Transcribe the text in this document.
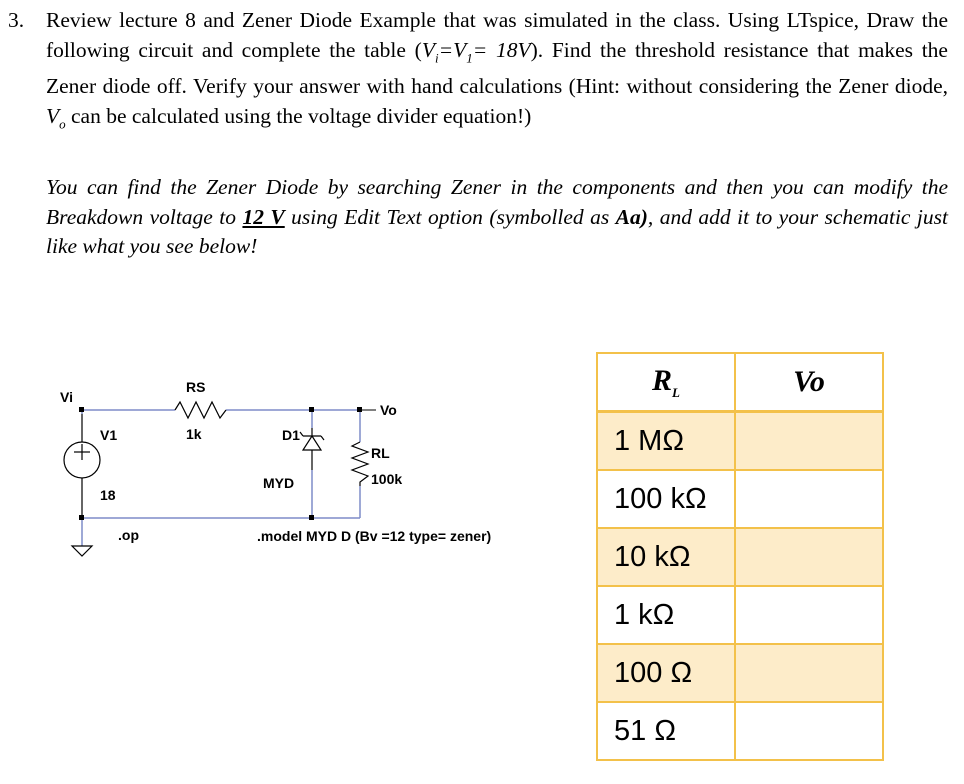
3. Review lecture 8 and Zener Diode Example that was simulated in the class. Using LTspice, Draw the following circuit and complete the table $(V_i=V_1= 18V)$. Find the threshold resistance that makes the Zener diode off. Verify your answer with hand calculations (Hint: without considering the Zener diode, $V_o$ can be calculated using the voltage divider equation!)
You can find the Zener Diode by searching Zener in the components and then you can modify the Breakdown voltage to 12 V using Edit Text option (symbolled as Aa), and add it to your schematic just like what you see below!
Vi
V1
18
.op
RS
1k	D1
MYD
Vo
RL
100k
.model MYD D (Bv =12 type= zener)
$R_L$	Vo
1 MΩ	
100 kΩ	
10 kΩ	
1 kΩ	
100 Ω	
51 Ω	
